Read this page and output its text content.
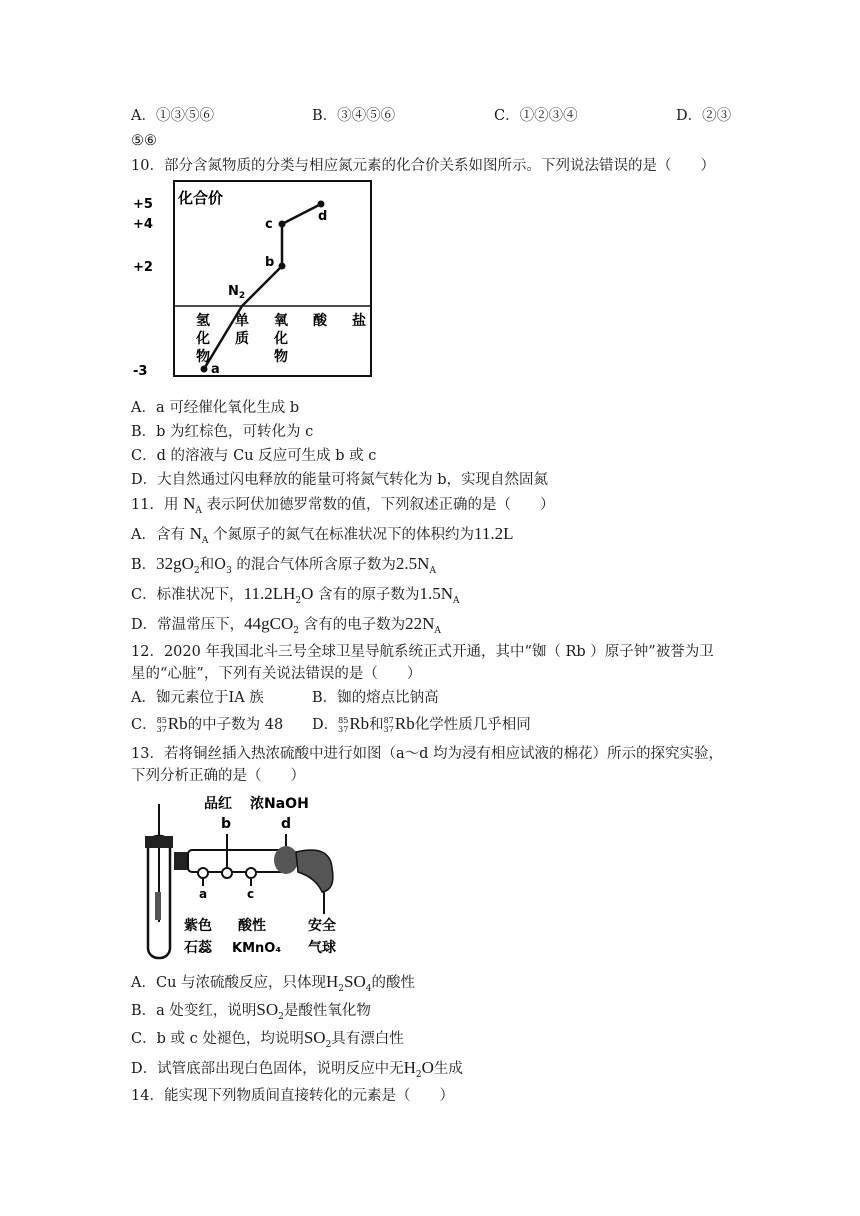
A．①③⑤⑥	B．③④⑤⑥	C．①②③④	D．②③
⑤⑥
10．部分含氮物质的分类与相应氮元素的化合价关系如图所示。下列说法错误的是（　　）
+5
+4
+2
-3
化合价
a
$N_2$
b
c
d
氢化物
单质
氧化物
酸 盐
A．a 可经催化氧化生成 b
B．b 为红棕色，可转化为 c
C．d 的溶液与 Cu 反应可生成 b 或 c
D．大自然通过闪电释放的能量可将氮气转化为 b，实现自然固氮
11．用 $N_A$ 表示阿伏加德罗常数的值，下列叙述正确的是（　　）
A．含有 $N_A$ 个氮原子的氮气在标准状况下的体积约为11.2L
B．$32gO_2$和$O_3$ 的混合气体所含原子数为$2.5N_A$
C．标准状况下，$11.2LH_2O$ 含有的原子数为$1.5N_A$
D．常温常压下，44gCO$_2$ 含有的电子数为$22N_A$
12．2020 年我国北斗三号全球卫星导航系统正式开通，其中“铷（ Rb ）原子钟”被誉为卫
星的“心脏”，下列有关说法错误的是（　　）
A．铷元素位于ⅠA 族	B．铷的熔点比钠高
C．85
37Rb的中子数为 48 D．85
37Rb和87
37Rb化学性质几乎相同
13．若将铜丝插入热浓硫酸中进行如图（a～d 均为浸有相应试液的棉花）所示的探究实验，
下列分析正确的是（　　）
品红 浓NaOH
b	d
a	c
紫色
石蕊
酸性
KMnO₄
安全
气球
A．Cu 与浓硫酸反应，只体现$H_2SO_4$的酸性
B．a 处变红，说明$SO_2$是酸性氧化物
C．b 或 c 处褪色，均说明$SO_2$具有漂白性
D．试管底部出现白色固体，说明反应中无$H_2O$生成
14．能实现下列物质间直接转化的元素是（　　）
